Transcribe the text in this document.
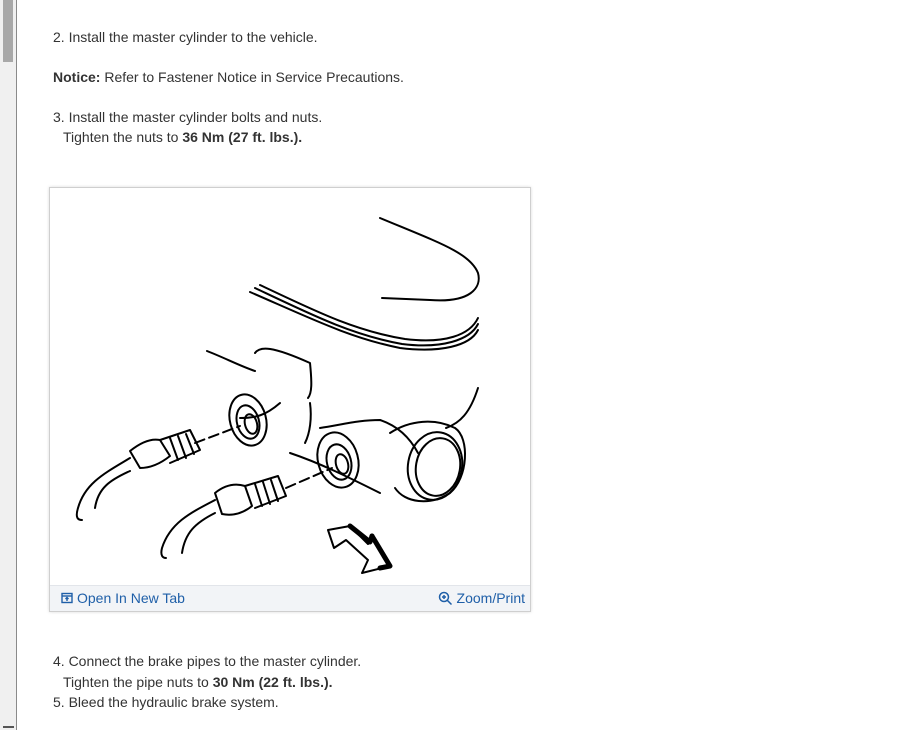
2. Install the master cylinder to the vehicle.

Notice: Refer to Fastener Notice in Service Precautions.

3. Install the master cylinder bolts and nuts.

Tighten the nuts to 36 Nm (27 ft. lbs.).

Open In New Tab	Zoom/Print

4. Connect the brake pipes to the master cylinder.

Tighten the pipe nuts to 30 Nm (22 ft. lbs.).

5. Bleed the hydraulic brake system.
